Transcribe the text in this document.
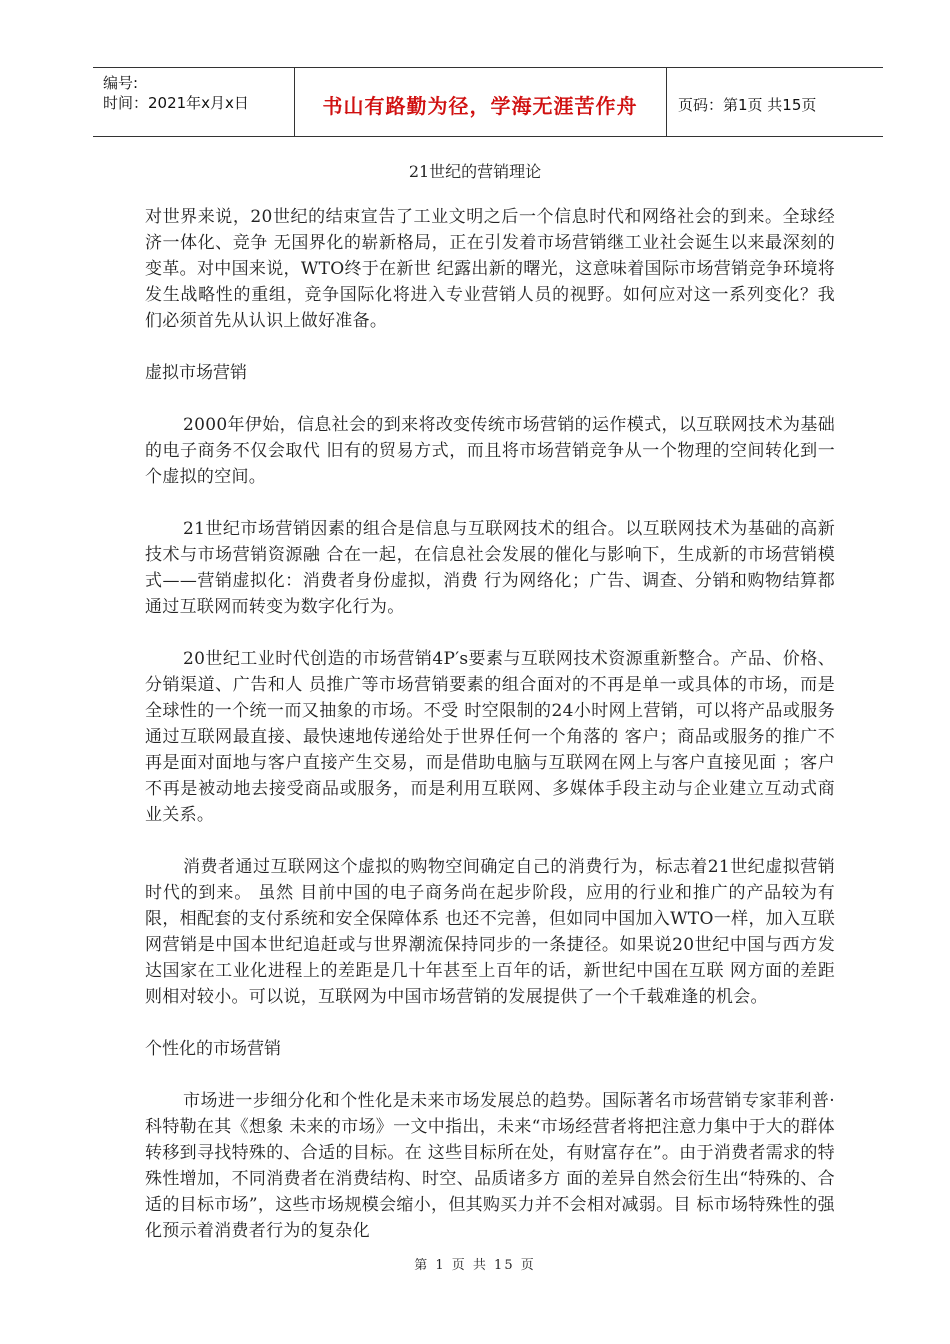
编号:
时间：2021年x月x日	书山有路勤为径，学海无涯苦作舟	页码：第1页 共15页
21世纪的营销理论

对世界来说，20世纪的结束宣告了工业文明之后一个信息时代和网络社会的到来。全球经济一体化、竞争 无国界化的崭新格局，正在引发着市场营销继工业社会诞生以来最深刻的变革。对中国来说，WTO终于在新世 纪露出新的曙光，这意味着国际市场营销竞争环境将发生战略性的重组，竞争国际化将进入专业营销人员的视野。如何应对这一系列变化？我们必须首先从认识上做好准备。

虚拟市场营销

2000年伊始，信息社会的到来将改变传统市场营销的运作模式，以互联网技术为基础的电子商务不仅会取代 旧有的贸易方式，而且将市场营销竞争从一个物理的空间转化到一个虚拟的空间。

21世纪市场营销因素的组合是信息与互联网技术的组合。以互联网技术为基础的高新技术与市场营销资源融 合在一起，在信息社会发展的催化与影响下，生成新的市场营销模式——营销虚拟化：消费者身份虚拟，消费 行为网络化；广告、调查、分销和购物结算都通过互联网而转变为数字化行为。

20世纪工业时代创造的市场营销4P′s要素与互联网技术资源重新整合。产品、价格、分销渠道、广告和人 员推广等市场营销要素的组合面对的不再是单一或具体的市场，而是全球性的一个统一而又抽象的市场。不受 时空限制的24小时网上营销，可以将产品或服务通过互联网最直接、最快速地传递给处于世界任何一个角落的 客户；商品或服务的推广不再是面对面地与客户直接产生交易，而是借助电脑与互联网在网上与客户直接见面 ；客户不再是被动地去接受商品或服务，而是利用互联网、多媒体手段主动与企业建立互动式商业关系。

消费者通过互联网这个虚拟的购物空间确定自己的消费行为，标志着21世纪虚拟营销时代的到来。 虽然 目前中国的电子商务尚在起步阶段，应用的行业和推广的产品较为有限，相配套的支付系统和安全保障体系 也还不完善，但如同中国加入WTO一样，加入互联网营销是中国本世纪追赶或与世界潮流保持同步的一条捷径。如果说20世纪中国与西方发达国家在工业化进程上的差距是几十年甚至上百年的话，新世纪中国在互联 网方面的差距则相对较小。可以说，互联网为中国市场营销的发展提供了一个千载难逢的机会。

个性化的市场营销

市场进一步细分化和个性化是未来市场发展总的趋势。国际著名市场营销专家菲利普·科特勒在其《想象 未来的市场》一文中指出，未来“市场经营者将把注意力集中于大的群体转移到寻找特殊的、合适的目标。在 这些目标所在处，有财富存在”。由于消费者需求的特殊性增加，不同消费者在消费结构、时空、品质诸多方 面的差异自然会衍生出“特殊的、合适的目标市场”，这些市场规模会缩小，但其购买力并不会相对减弱。目 标市场特殊性的强化预示着消费者行为的复杂化

第 1 页 共 15 页
